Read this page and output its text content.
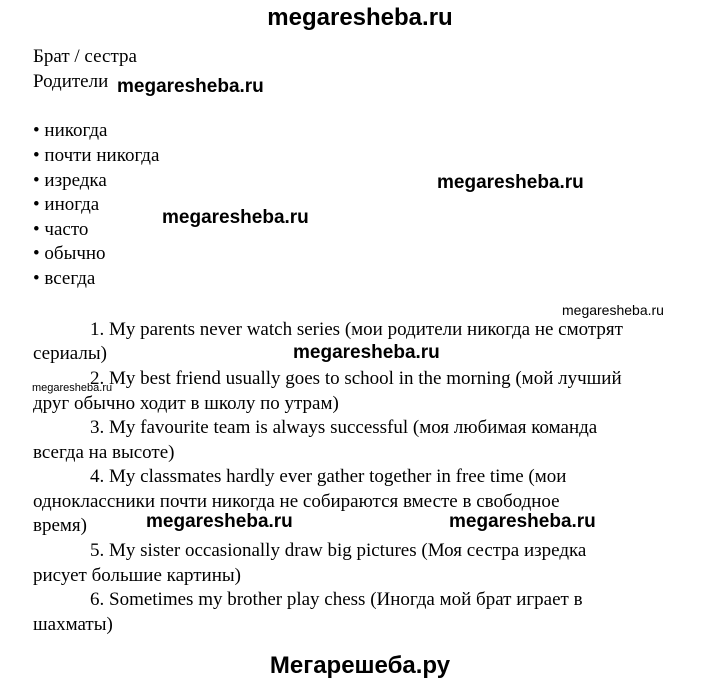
megaresheba.ru
Брат / сестра
Родители
• никогда
• почти никогда
• изредка
• иногда
• часто
• обычно
• всегда
1. My parents never watch series (мои родители никогда не смотрят
сериалы)
2. My best friend usually goes to school in the morning (мой лучший
друг обычно ходит в школу по утрам)
3. My favourite team is always successful (моя любимая команда
всегда на высоте)
4. My classmates hardly ever gather together in free time (мои
одноклассники почти никогда не собираются вместе в свободное
время)
5. My sister occasionally draw big pictures (Моя сестра изредка
рисует большие картины)
6. Sometimes my brother play chess (Иногда мой брат играет в
шахматы)
megaresheba.ru
megaresheba.ru
megaresheba.ru
megaresheba.ru
megaresheba.ru
megaresheba.ru
megaresheba.ru	megaresheba.ru
Мегарешеба.ру
